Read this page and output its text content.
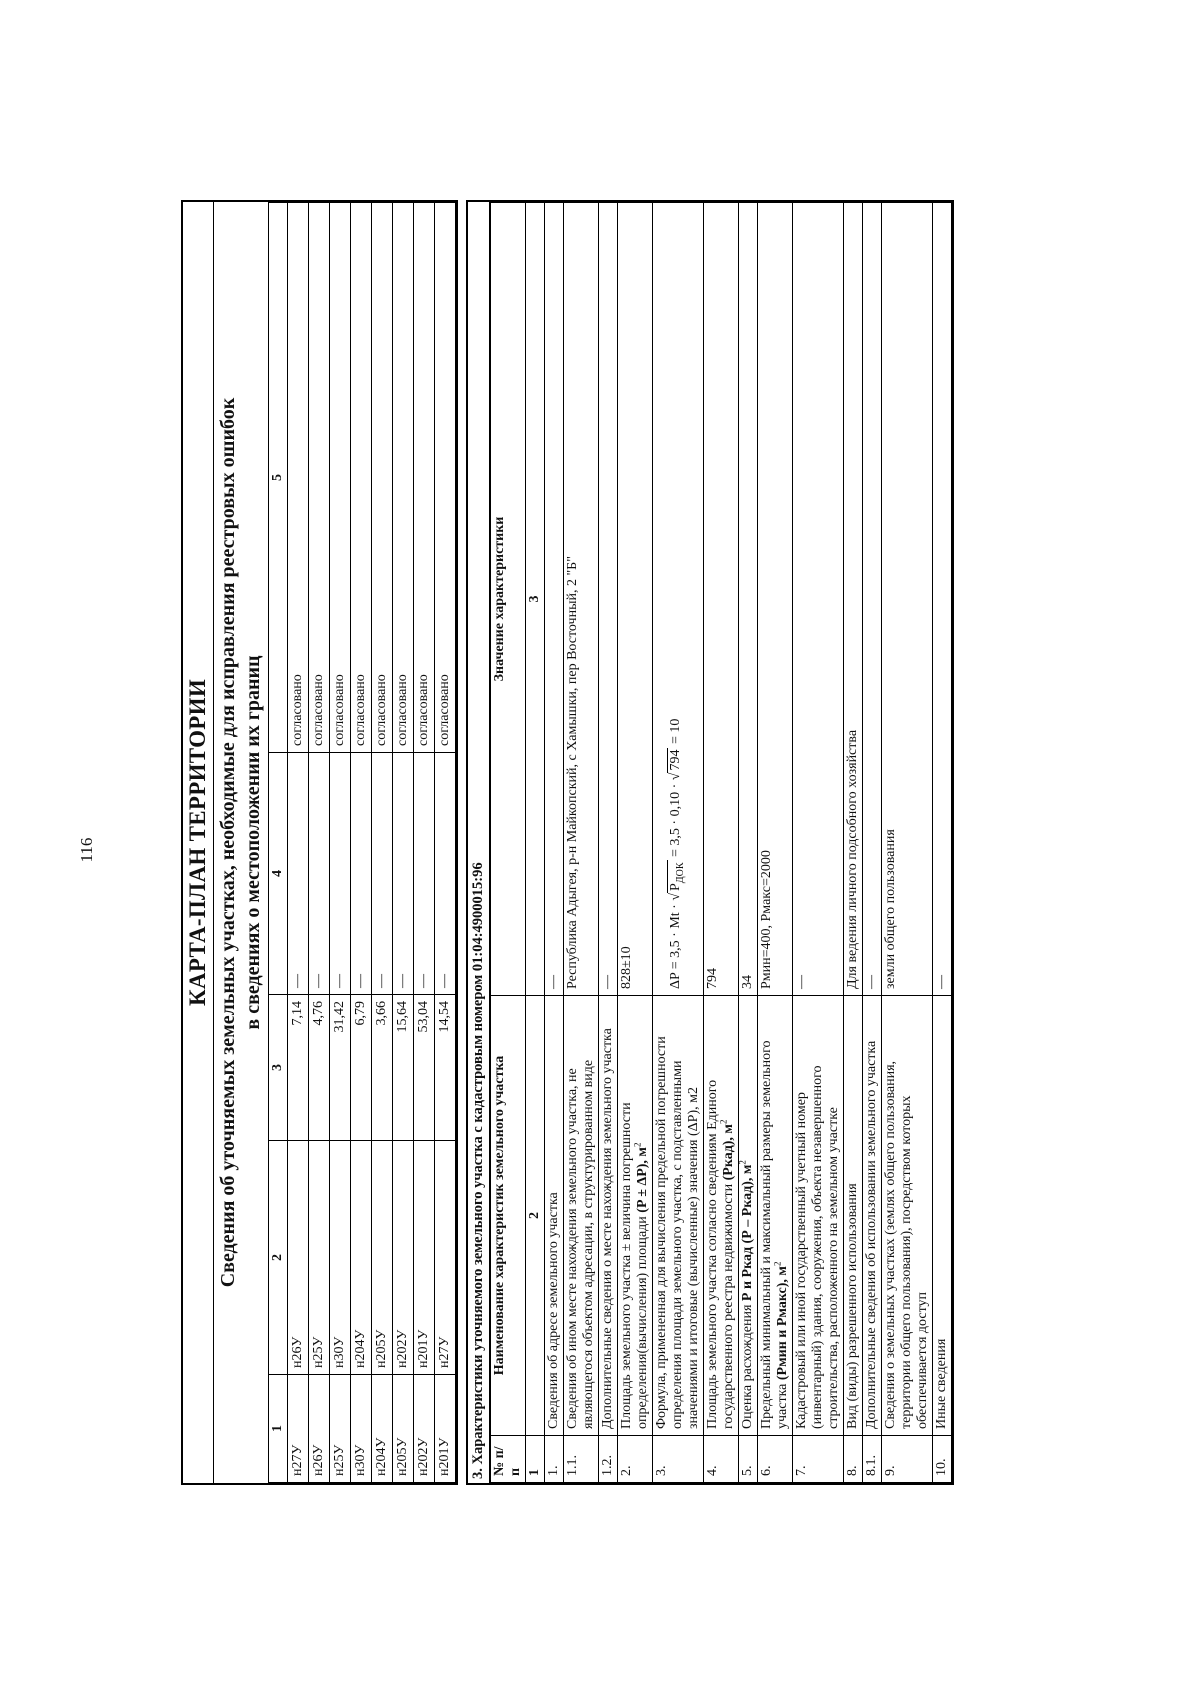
116	КАРТА-ПЛАН ТЕРРИТОРИИ Сведения об уточняемых земельных участках, необходимые для исправления реестровых ошибок в сведениях о местоположении их границ
1	2	3	4	5
н27У	н26У	7,14	—	согласовано
н26У	н25У	4,76	—	согласовано
н25У	н30У	31,42	—	согласовано
н30У	н204У	6,79	—	согласовано
н204У	н205У	3,66	—	согласовано
н205У	н202У	15,64	—	согласовано
н202У	н201У	53,04	—	согласовано
н201У	н27У	14,54	—	согласовано
3. Характеристики уточняемого земельного участка с кадастровым номером 01:04:4900015:96 № п/п	Наименование характеристик земельного участка	Значение характеристики
1	2	3
1.	Сведения об адресе земельного участка	—
1.1.	Сведения об ином месте нахождения земельного участка, не являющегося объектом адресации, в структурированном виде	Республика Адыгея, р-н Майкопский, с Хамышки, пер Восточный, 2 "Б"
1.2.	Дополнительные сведения о месте нахождения земельного участка	—
2.	Площадь земельного участка ± величина погрешности определения(вычисления) площади (P ± ΔP), $м^2$	828±10
3.	Формула, примененная для вычисления предельной погрешности определения площади земельного участка, с подставленными значениями и итоговые (вычисленные) значения (ΔP), м2	$\Delta P = 3,5 \cdot Mt \cdot √P_{ДОК} = 3,5 \cdot 0,10 \cdot √794 = 10$
4.	Площадь земельного участка согласно сведениям Единого государственного реестра недвижимости (Ркад), $м^2$	794
5.	Оценка расхождения Р и Ркад (Р – Ркад), $м^2$	34
6.	Предельный минимальный и максимальный размеры земельного участка (Рмин и Рмакс), $м^2$	Рмин=400, Рмакс=2000
7.	Кадастровый или иной государственный учетный номер (инвентарный) здания, сооружения, объекта незавершенного строительства, расположенного на земельном участке	—
8.	Вид (виды) разрешенного использования	Для ведения личного подсобного хозяйства
8.1.	Дополнительные сведения об использовании земельного участка	—
9.	Сведения о земельных участках (землях общего пользования, территории общего пользования), посредством которых обеспечивается доступ	земли общего пользования
10.	Иные сведения	—
